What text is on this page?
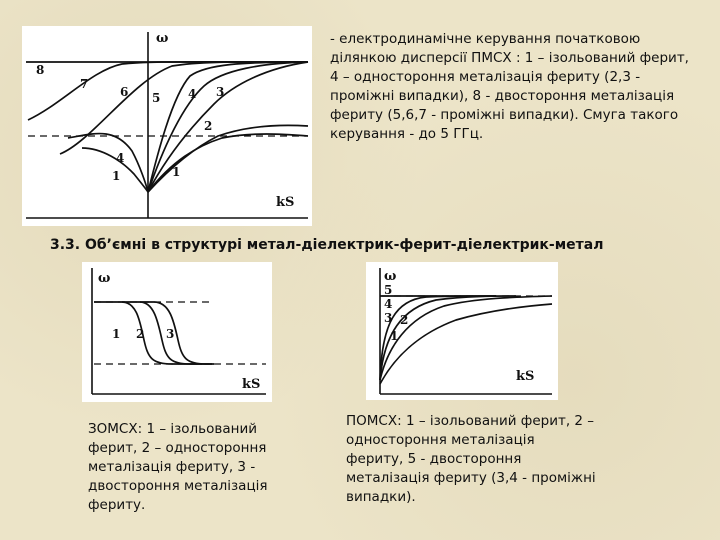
ω
kS
8
7
6 5 4 3
2
4
1	1
- електродинамічне керування початковою ділянкою дисперсії ПМСХ : 1 – ізольований ферит, 4 – одностороння металізація фериту (2,3 - проміжні випадки), 8 - двостороння металізація фериту (5,6,7 - проміжні випадки). Смуга такого керування - до 5 ГГц.
3.3. Об’ємні в структурі метал-діелектрик-ферит-діелектрик-метал
ω
kS
1 2 3
ω
kS
5
4
3 2
1
ЗОМСХ: 1 – ізольований ферит, 2 – одностороння металізація фериту, 3 - двостороння металізація фериту.
ПОМСХ: 1 – ізольований ферит, 2 – одностороння металізація фериту, 5 - двостороння металізація фериту (3,4 - проміжні випадки).
